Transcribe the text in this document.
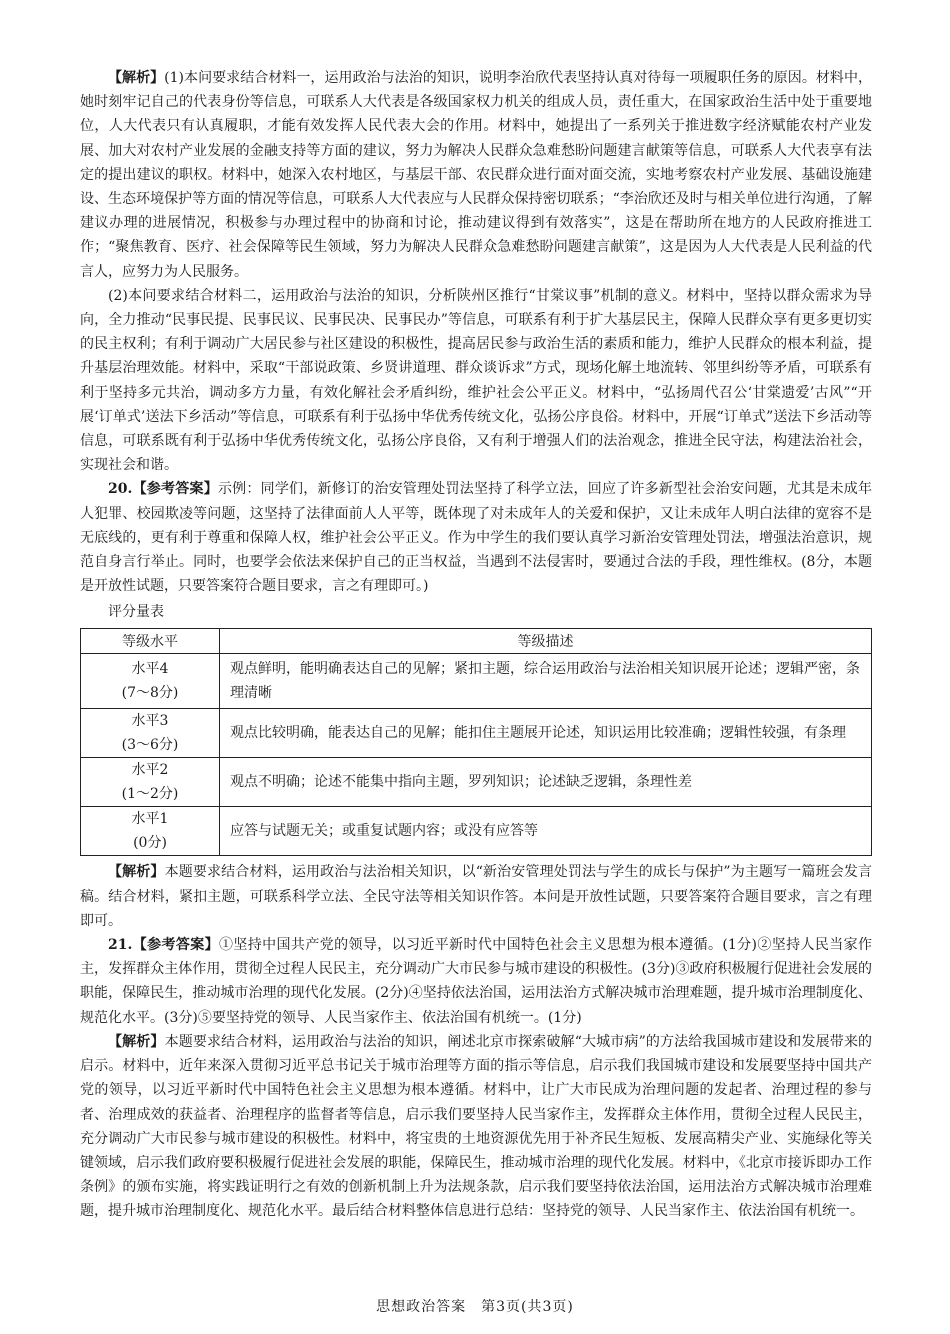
【解析】(1)本问要求结合材料一，运用政治与法治的知识，说明李治欣代表坚持认真对待每一项履职任务的原因。材料中，她时刻牢记自己的代表身份等信息，可联系人大代表是各级国家权力机关的组成人员，责任重大，在国家政治生活中处于重要地位，人大代表只有认真履职，才能有效发挥人民代表大会的作用。材料中，她提出了一系列关于推进数字经济赋能农村产业发展、加大对农村产业发展的金融支持等方面的建议，努力为解决人民群众急难愁盼问题建言献策等信息，可联系人大代表享有法定的提出建议的职权。材料中，她深入农村地区，与基层干部、农民群众进行面对面交流，实地考察农村产业发展、基础设施建设、生态环境保护等方面的情况等信息，可联系人大代表应与人民群众保持密切联系；“李治欣还及时与相关单位进行沟通，了解建议办理的进展情况，积极参与办理过程中的协商和讨论，推动建议得到有效落实”，这是在帮助所在地方的人民政府推进工作；“聚焦教育、医疗、社会保障等民生领域，努力为解决人民群众急难愁盼问题建言献策”，这是因为人大代表是人民利益的代言人，应努力为人民服务。

(2)本问要求结合材料二，运用政治与法治的知识，分析陕州区推行“甘棠议事”机制的意义。材料中，坚持以群众需求为导向，全力推动“民事民提、民事民议、民事民决、民事民办”等信息，可联系有利于扩大基层民主，保障人民群众享有更多更切实的民主权利；有利于调动广大居民参与社区建设的积极性，提高居民参与政治生活的素质和能力，维护人民群众的根本利益，提升基层治理效能。材料中，采取“干部说政策、乡贤讲道理、群众谈诉求”方式，现场化解土地流转、邻里纠纷等矛盾，可联系有利于坚持多元共治，调动多方力量，有效化解社会矛盾纠纷，维护社会公平正义。材料中，“弘扬周代召公‘甘棠遗爱’古风”“开展‘订单式’送法下乡活动”等信息，可联系有利于弘扬中华优秀传统文化，弘扬公序良俗。材料中，开展“订单式”送法下乡活动等信息，可联系既有利于弘扬中华优秀传统文化，弘扬公序良俗，又有利于增强人们的法治观念，推进全民守法，构建法治社会，实现社会和谐。

20.【参考答案】示例：同学们，新修订的治安管理处罚法坚持了科学立法，回应了许多新型社会治安问题，尤其是未成年人犯罪、校园欺凌等问题，这坚持了法律面前人人平等，既体现了对未成年人的关爱和保护，又让未成年人明白法律的宽容不是无底线的，更有利于尊重和保障人权，维护社会公平正义。作为中学生的我们要认真学习新治安管理处罚法，增强法治意识，规范自身言行举止。同时，也要学会依法来保护自己的正当权益，当遇到不法侵害时，要通过合法的手段，理性维权。(8分，本题是开放性试题，只要答案符合题目要求，言之有理即可。)

评分量表
等级水平	等级描述

水平4
(7～8分)	观点鲜明，能明确表达自己的见解；紧扣主题，综合运用政治与法治相关知识展开论述；逻辑严密，条理清晰

水平3
(3～6分)	观点比较明确，能表达自己的见解；能扣住主题展开论述，知识运用比较准确；逻辑性较强，有条理

水平2
(1～2分)	观点不明确；论述不能集中指向主题，罗列知识；论述缺乏逻辑，条理性差

水平1
(0分)	应答与试题无关；或重复试题内容；或没有应答等

【解析】本题要求结合材料，运用政治与法治相关知识，以“新治安管理处罚法与学生的成长与保护”为主题写一篇班会发言稿。结合材料，紧扣主题，可联系科学立法、全民守法等相关知识作答。本问是开放性试题，只要答案符合题目要求，言之有理即可。

21.【参考答案】①坚持中国共产党的领导，以习近平新时代中国特色社会主义思想为根本遵循。(1分)②坚持人民当家作主，发挥群众主体作用，贯彻全过程人民民主，充分调动广大市民参与城市建设的积极性。(3分)③政府积极履行促进社会发展的职能，保障民生，推动城市治理的现代化发展。(2分)④坚持依法治国，运用法治方式解决城市治理难题，提升城市治理制度化、规范化水平。(3分)⑤要坚持党的领导、人民当家作主、依法治国有机统一。(1分)

【解析】本题要求结合材料，运用政治与法治的知识，阐述北京市探索破解“大城市病”的方法给我国城市建设和发展带来的启示。材料中，近年来深入贯彻习近平总书记关于城市治理等方面的指示等信息，启示我们我国城市建设和发展要坚持中国共产党的领导，以习近平新时代中国特色社会主义思想为根本遵循。材料中，让广大市民成为治理问题的发起者、治理过程的参与者、治理成效的获益者、治理程序的监督者等信息，启示我们要坚持人民当家作主，发挥群众主体作用，贯彻全过程人民民主，充分调动广大市民参与城市建设的积极性。材料中，将宝贵的土地资源优先用于补齐民生短板、发展高精尖产业、实施绿化等关键领域，启示我们政府要积极履行促进社会发展的职能，保障民生，推动城市治理的现代化发展。材料中，《北京市接诉即办工作条例》的颁布实施，将实践证明行之有效的创新机制上升为法规条款，启示我们要坚持依法治国，运用法治方式解决城市治理难题，提升城市治理制度化、规范化水平。最后结合材料整体信息进行总结：坚持党的领导、人民当家作主、依法治国有机统一。

思想政治答案　第3页(共3页)
